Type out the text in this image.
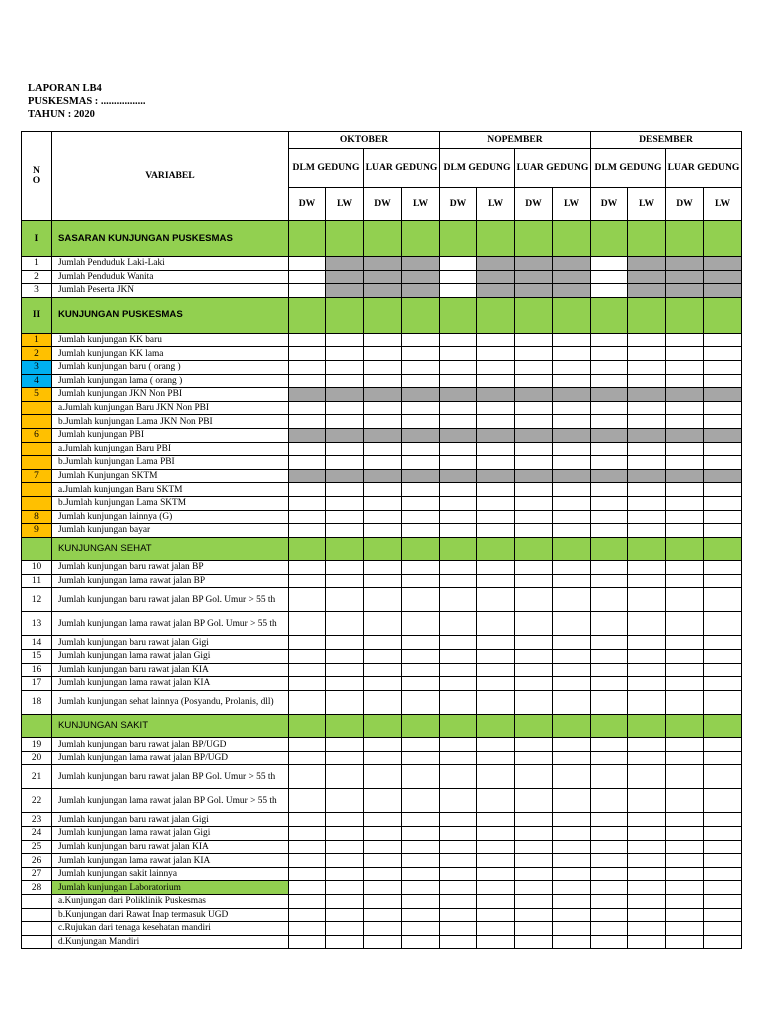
LAPORAN LB4
PUSKESMAS : .................
TAHUN : 2020
N
O	VARIABEL	OKTOBER				NOPEMBER				DESEMBER			
		DLM GEDUNG		LUAR GEDUNG		DLM GEDUNG		LUAR GEDUNG		DLM GEDUNG		LUAR GEDUNG	
		DW	LW	DW	LW	DW	LW	DW	LW	DW	LW	DW	LW
I	SASARAN KUNJUNGAN PUSKESMAS												
1	Jumlah Penduduk Laki-Laki												
2	Jumlah Penduduk Wanita												
3	Jumlah Peserta JKN												
II	KUNJUNGAN PUSKESMAS												
1	Jumlah kunjungan KK baru												
2	Jumlah kunjungan KK lama												
3	Jumlah kunjungan baru ( orang )												
4	Jumlah kunjungan lama ( orang )												
5	Jumlah kunjungan JKN Non PBI												
	a.Jumlah kunjungan Baru JKN Non PBI												
	b.Jumlah kunjungan Lama JKN Non PBI												
6	Jumlah kunjungan PBI												
	a.Jumlah kunjungan Baru PBI												
	b.Jumlah kunjungan Lama PBI												
7	Jumlah Kunjungan SKTM												
	a.Jumlah kunjungan Baru SKTM												
	b.Jumlah kunjungan Lama SKTM												
8	Jumlah kunjungan lainnya (G)												
9	Jumlah kunjungan bayar												
	KUNJUNGAN SEHAT												
10	Jumlah kunjungan baru rawat jalan BP												
11	Jumlah kunjungan lama rawat jalan BP												
12	Jumlah kunjungan baru rawat jalan BP Gol. Umur > 55 th												
13	Jumlah kunjungan lama rawat jalan BP Gol. Umur > 55 th												
14	Jumlah kunjungan baru rawat jalan Gigi												
15	Jumlah kunjungan lama rawat jalan Gigi												
16	Jumlah kunjungan baru rawat jalan KIA												
17	Jumlah kunjungan lama rawat jalan KIA												
18	Jumlah kunjungan sehat lainnya (Posyandu, Prolanis, dll)												
	KUNJUNGAN SAKIT												
19	Jumlah kunjungan baru rawat jalan BP/UGD												
20	Jumlah kunjungan lama rawat jalan BP/UGD												
21	Jumlah kunjungan baru rawat jalan BP Gol. Umur > 55 th												
22	Jumlah kunjungan lama rawat jalan BP Gol. Umur > 55 th												
23	Jumlah kunjungan baru rawat jalan Gigi												
24	Jumlah kunjungan lama rawat jalan Gigi												
25	Jumlah kunjungan baru rawat jalan KIA												
26	Jumlah kunjungan lama rawat jalan KIA												
27	Jumlah kunjungan sakit lainnya												
28	Jumlah kunjungan Laboratorium												
	a.Kunjungan dari Poliklinik Puskesmas												
	b.Kunjungan dari Rawat Inap termasuk UGD												
	c.Rujukan dari tenaga kesehatan mandiri												
	d.Kunjungan Mandiri												
